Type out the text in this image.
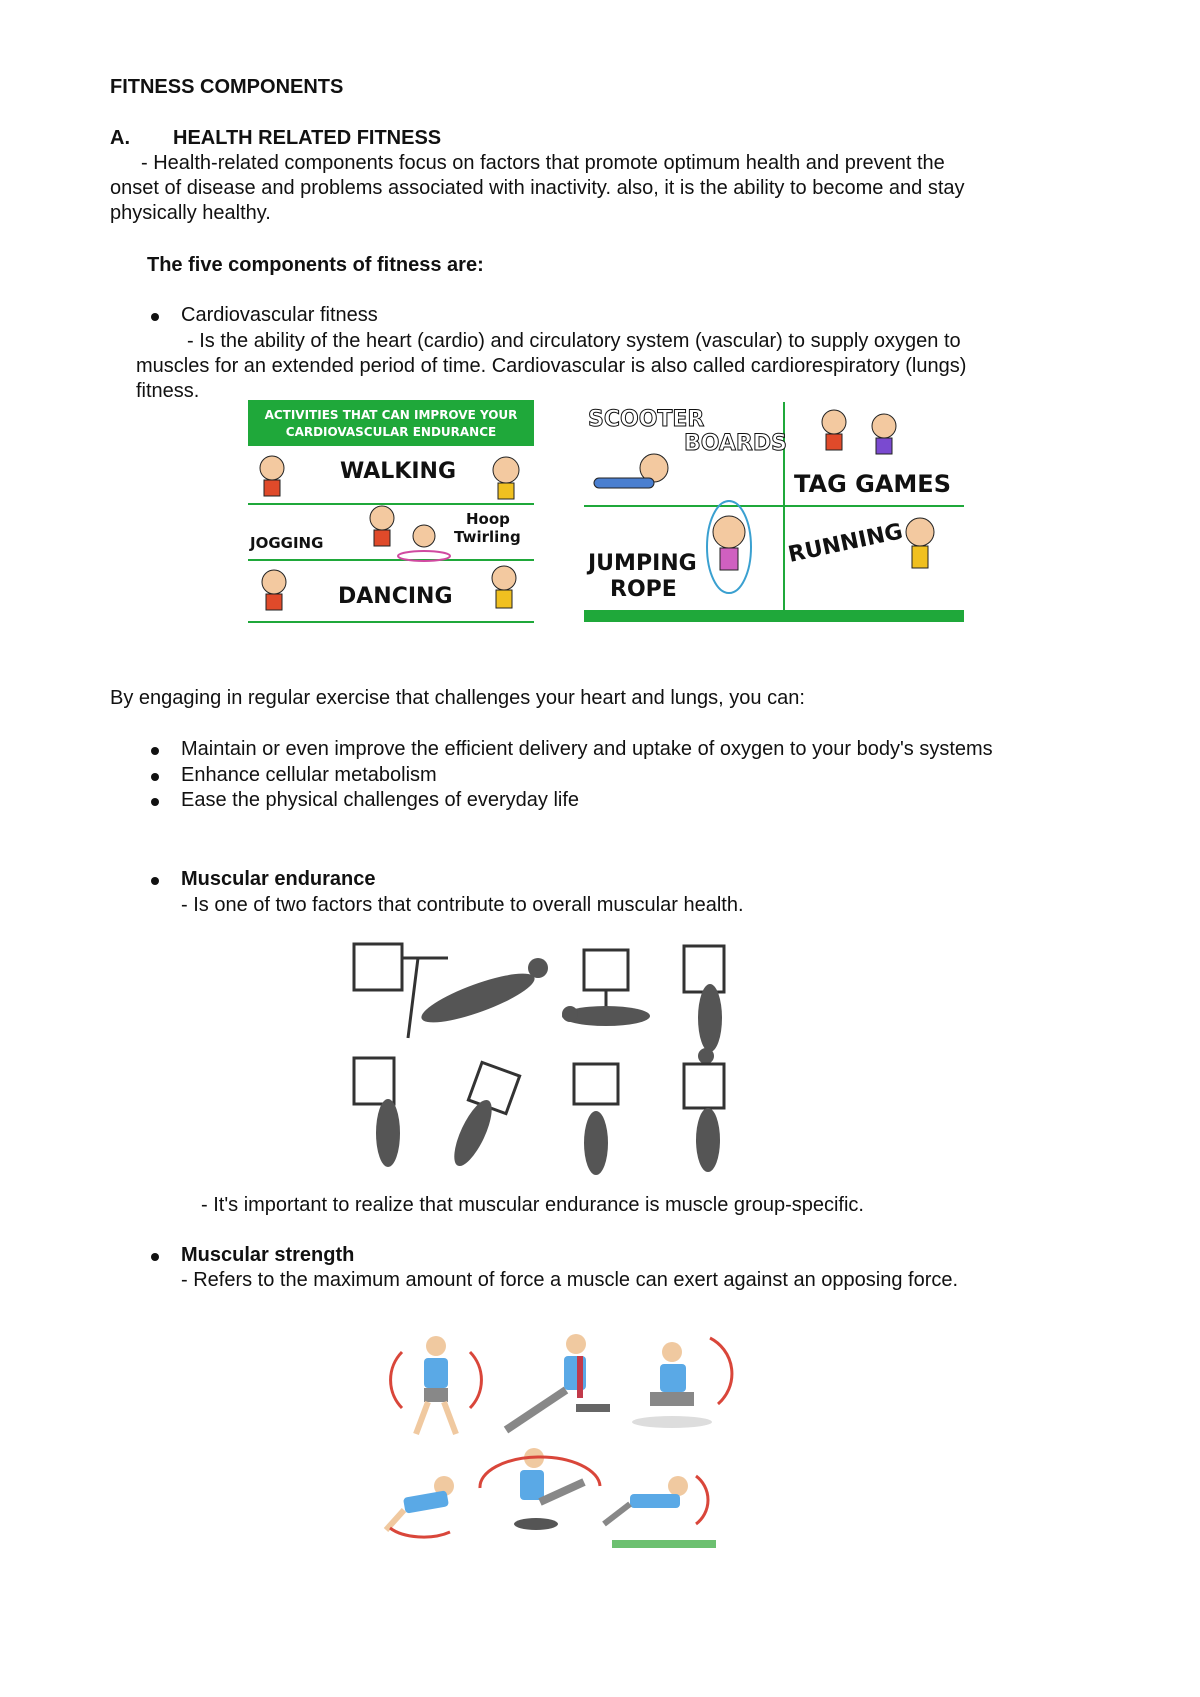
FITNESS COMPONENTS
A. HEALTH RELATED FITNESS
- Health-related components focus on factors that promote optimum health and prevent the
onset of disease and problems associated with inactivity. also, it is the ability to become and stay
physically healthy.
The five components of fitness are:
Cardiovascular fitness
- Is the ability of the heart (cardio) and circulatory system (vascular) to supply oxygen to
muscles for an extended period of time. Cardiovascular is also called cardiorespiratory (lungs)
fitness.
ACTIVITIES THAT CAN IMPROVE YOUR
CARDIOVASCULAR ENDURANCE
WALKING
JOGGING
Hoop
Twirling
DANCING
SCOOTER
BOARDS
TAG GAMES
JUMPING
ROPE
RUNNING
By engaging in regular exercise that challenges your heart and lungs, you can:
Maintain or even improve the efficient delivery and uptake of oxygen to your body's systems
Enhance cellular metabolism
Ease the physical challenges of everyday life
Muscular endurance
- Is one of two factors that contribute to overall muscular health.
- It's important to realize that muscular endurance is muscle group-specific.
Muscular strength
- Refers to the maximum amount of force a muscle can exert against an opposing force.
